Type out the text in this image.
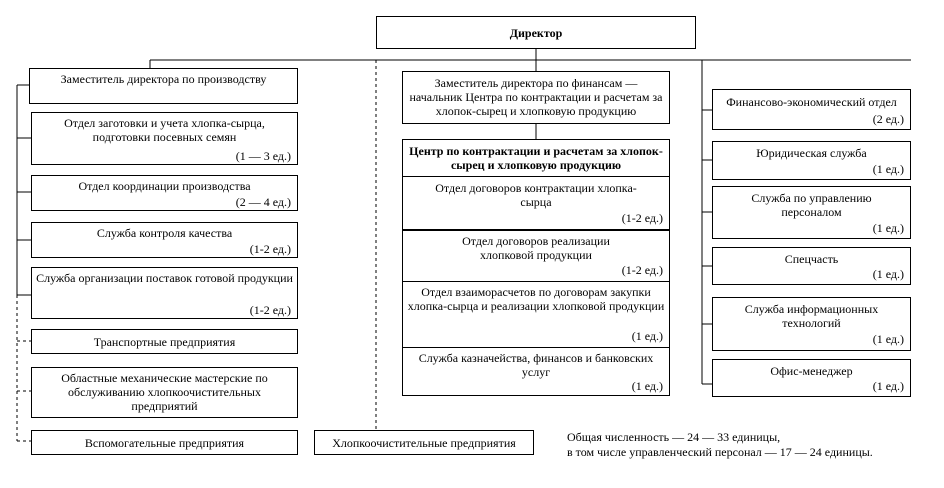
Директор
Заместитель директора по производству
Отдел заготовки и учета хлопка-сырца, подготовки посевных семян
(1 — 3 ед.)
Отдел координации производства
(2 — 4 ед.)
Служба контроля качества
(1-2 ед.)
Служба организации поставок готовой продукции
(1-2 ед.)
Транспортные предприятия
Областные механические мастерские по обслуживанию хлопкоочистительных предприятий
Вспомогательные предприятия
Заместитель директора по финансам — начальник Центра по контрактации и расчетам за хлопок-сырец и хлопковую продукцию
Центр по контрактации и расчетам за хлопок-сырец и хлопковую продукцию
Отдел договоров контрактации хлопка-сырца
(1-2 ед.)
Отдел договоров реализации хлопковой продукции
(1-2 ед.)
Отдел взаиморасчетов по договорам закупки хлопка-сырца и реализации хлопковой продукции
(1 ед.)
Служба казначейства, финансов и банковских услуг
(1 ед.)
Хлопкоочистительные предприятия
Финансово-экономический отдел
(2 ед.)
Юридическая служба
(1 ед.)
Служба по управлению персоналом
(1 ед.)
Спецчасть
(1 ед.)
Служба информационных технологий
(1 ед.)
Офис-менеджер
(1 ед.)
Общая численность — 24 — 33 единицы,
в том числе управленческий персонал — 17 — 24 единицы.
